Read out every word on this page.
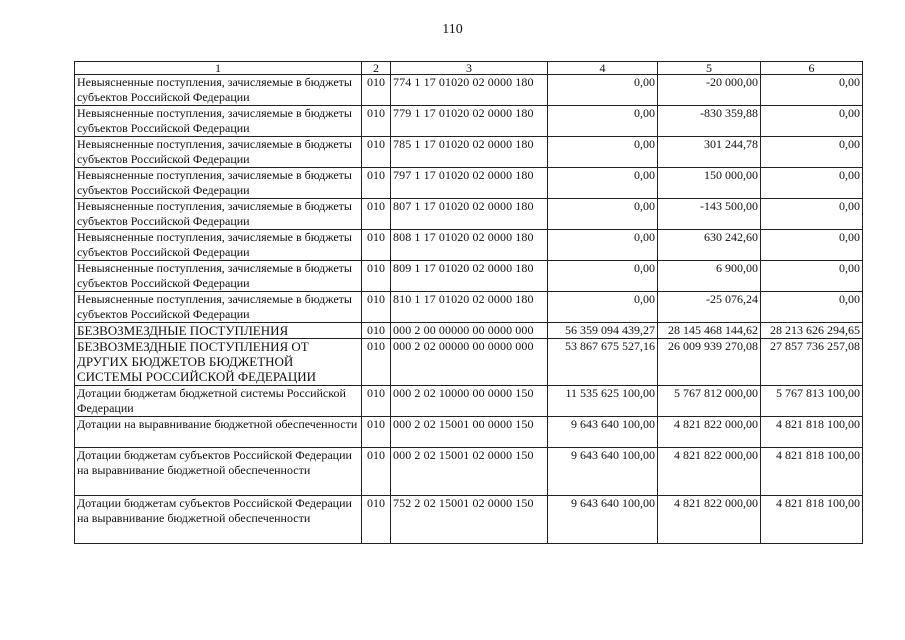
110
1	2	3	4	5	6
Невыясненные поступления, зачисляемые в бюджеты субъектов Российской Федерации	010	774 1 17 01020 02 0000 180	0,00	-20 000,00	0,00
Невыясненные поступления, зачисляемые в бюджеты субъектов Российской Федерации	010	779 1 17 01020 02 0000 180	0,00	-830 359,88	0,00
Невыясненные поступления, зачисляемые в бюджеты субъектов Российской Федерации	010	785 1 17 01020 02 0000 180	0,00	301 244,78	0,00
Невыясненные поступления, зачисляемые в бюджеты субъектов Российской Федерации	010	797 1 17 01020 02 0000 180	0,00	150 000,00	0,00
Невыясненные поступления, зачисляемые в бюджеты субъектов Российской Федерации	010	807 1 17 01020 02 0000 180	0,00	-143 500,00	0,00
Невыясненные поступления, зачисляемые в бюджеты субъектов Российской Федерации	010	808 1 17 01020 02 0000 180	0,00	630 242,60	0,00
Невыясненные поступления, зачисляемые в бюджеты субъектов Российской Федерации	010	809 1 17 01020 02 0000 180	0,00	6 900,00	0,00
Невыясненные поступления, зачисляемые в бюджеты субъектов Российской Федерации	010	810 1 17 01020 02 0000 180	0,00	-25 076,24	0,00
БЕЗВОЗМЕЗДНЫЕ ПОСТУПЛЕНИЯ	010	000 2 00 00000 00 0000 000	56 359 094 439,27	28 145 468 144,62	28 213 626 294,65
БЕЗВОЗМЕЗДНЫЕ ПОСТУПЛЕНИЯ ОТ ДРУГИХ БЮДЖЕТОВ БЮДЖЕТНОЙ СИСТЕМЫ РОССИЙСКОЙ ФЕДЕРАЦИИ	010	000 2 02 00000 00 0000 000	53 867 675 527,16	26 009 939 270,08	27 857 736 257,08
Дотации бюджетам бюджетной системы Российской Федерации	010	000 2 02 10000 00 0000 150	11 535 625 100,00	5 767 812 000,00	5 767 813 100,00
Дотации на выравнивание бюджетной обеспеченности	010	000 2 02 15001 00 0000 150	9 643 640 100,00	4 821 822 000,00	4 821 818 100,00
Дотации бюджетам субъектов Российской Федерации на выравнивание бюджетной обеспеченности	010	000 2 02 15001 02 0000 150	9 643 640 100,00	4 821 822 000,00	4 821 818 100,00
Дотации бюджетам субъектов Российской Федерации на выравнивание бюджетной обеспеченности	010	752 2 02 15001 02 0000 150	9 643 640 100,00	4 821 822 000,00	4 821 818 100,00
